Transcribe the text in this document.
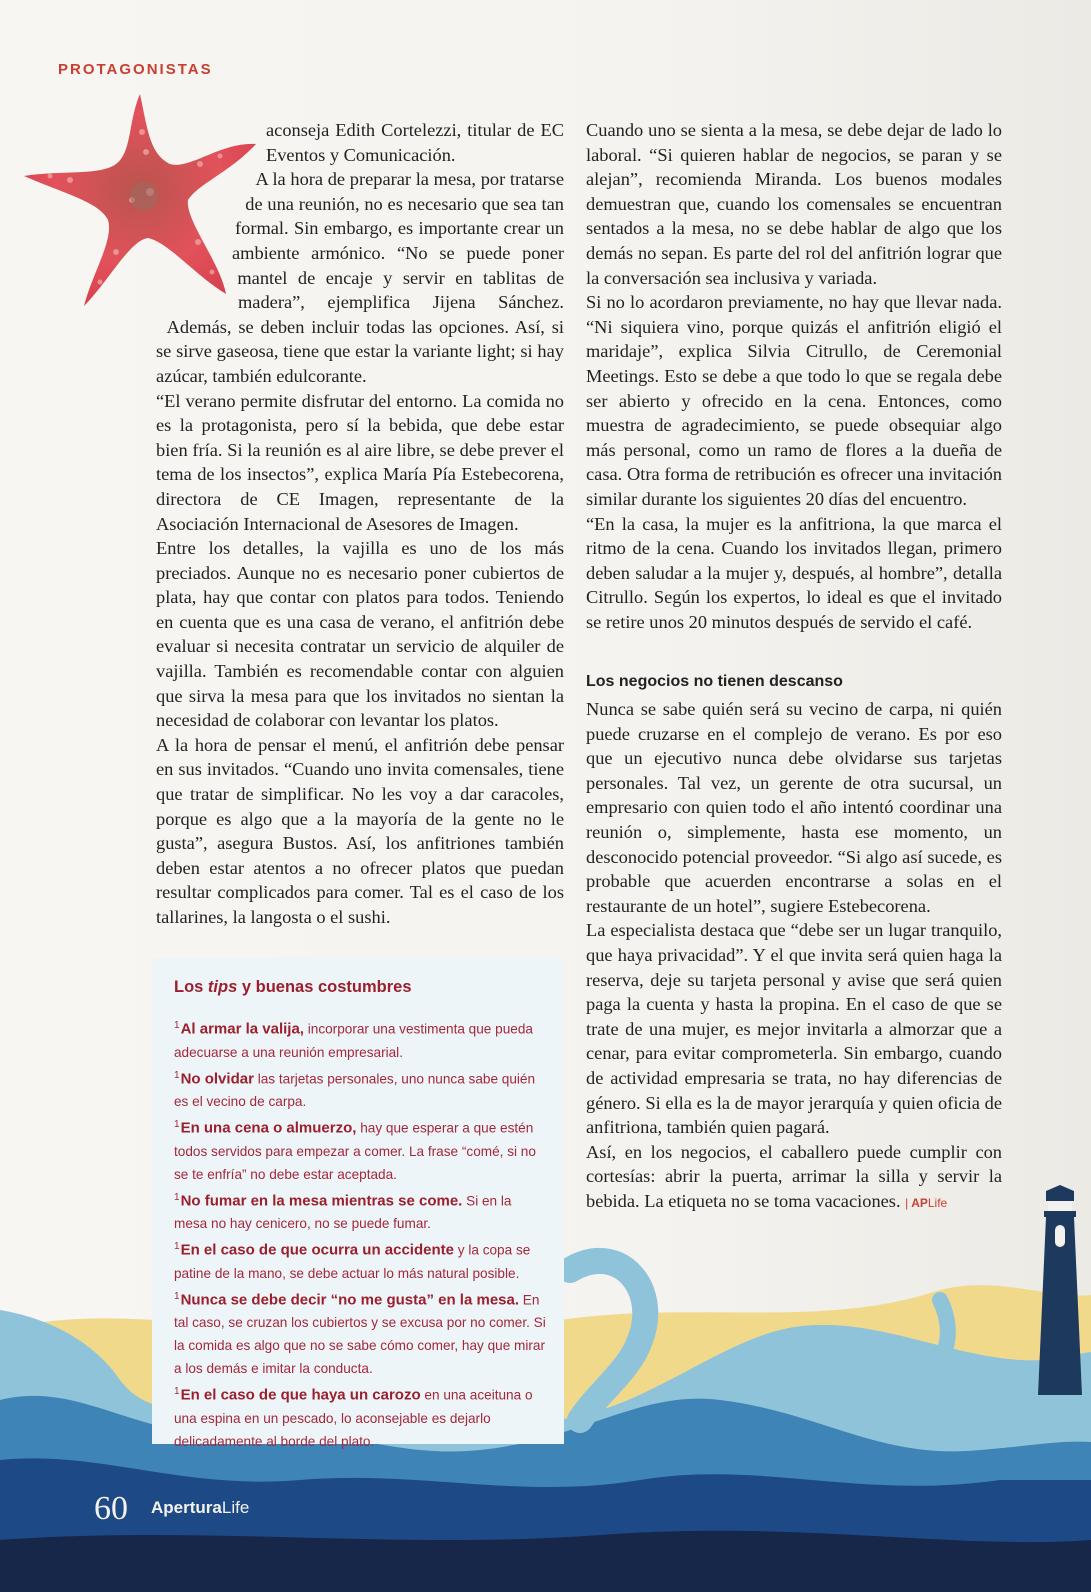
PROTAGONISTAS

aconseja Edith Cortelezzi, titular de EC Eventos y Comunicación.

A la hora de preparar la mesa, por tratarse de una reunión, no es necesario que sea tan formal. Sin embargo, es importante crear un ambiente armónico. “No se puede poner mantel de encaje y servir en tablitas de madera”, ejemplifica Jijena Sánchez. Además, se deben incluir todas las opciones. Así, si se sirve gaseosa, tiene que estar la variante light; si hay azúcar, también edulcorante.

“El verano permite disfrutar del entorno. La comida no es la protagonista, pero sí la bebida, que debe estar bien fría. Si la reunión es al aire libre, se debe prever el tema de los insectos”, explica María Pía Estebecorena, directora de CE Imagen, representante de la Asociación Internacional de Asesores de Imagen.

Entre los detalles, la vajilla es uno de los más preciados. Aunque no es necesario poner cubiertos de plata, hay que contar con platos para todos. Teniendo en cuenta que es una casa de verano, el anfitrión debe evaluar si necesita contratar un servicio de alquiler de vajilla. También es recomendable contar con alguien que sirva la mesa para que los invitados no sientan la necesidad de colaborar con levantar los platos.

A la hora de pensar el menú, el anfitrión debe pensar en sus invitados. “Cuando uno invita comensales, tiene que tratar de simplificar. No les voy a dar caracoles, porque es algo que a la mayoría de la gente no le gusta”, asegura Bustos. Así, los anfitriones también deben estar atentos a no ofrecer platos que puedan resultar complicados para comer. Tal es el caso de los tallarines, la langosta o el sushi.

Cuando uno se sienta a la mesa, se debe dejar de lado lo laboral. “Si quieren hablar de negocios, se paran y se alejan”, recomienda Miranda. Los buenos modales demuestran que, cuando los comensales se encuentran sentados a la mesa, no se debe hablar de algo que los demás no sepan. Es parte del rol del anfitrión lograr que la conversación sea inclusiva y variada.

Si no lo acordaron previamente, no hay que llevar nada. “Ni siquiera vino, porque quizás el anfitrión eligió el maridaje”, explica Silvia Citrullo, de Ceremonial Meetings. Esto se debe a que todo lo que se regala debe ser abierto y ofrecido en la cena. Entonces, como muestra de agradecimiento, se puede obsequiar algo más personal, como un ramo de flores a la dueña de casa. Otra forma de retribución es ofrecer una invitación similar durante los siguientes 20 días del encuentro.

“En la casa, la mujer es la anfitriona, la que marca el ritmo de la cena. Cuando los invitados llegan, primero deben saludar a la mujer y, después, al hombre”, detalla Citrullo. Según los expertos, lo ideal es que el invitado se retire unos 20 minutos después de servido el café.

Los negocios no tienen descanso

Nunca se sabe quién será su vecino de carpa, ni quién puede cruzarse en el complejo de verano. Es por eso que un ejecutivo nunca debe olvidarse sus tarjetas personales. Tal vez, un gerente de otra sucursal, un empresario con quien todo el año intentó coordinar una reunión o, simplemente, hasta ese momento, un desconocido potencial proveedor. “Si algo así sucede, es probable que acuerden encontrarse a solas en el restaurante de un hotel”, sugiere Estebecorena.

La especialista destaca que “debe ser un lugar tranquilo, que haya privacidad”. Y el que invita será quien haga la reserva, deje su tarjeta personal y avise que será quien paga la cuenta y hasta la propina. En el caso de que se trate de una mujer, es mejor invitarla a almorzar que a cenar, para evitar comprometerla. Sin embargo, cuando de actividad empresaria se trata, no hay diferencias de género. Si ella es la de mayor jerarquía y quien oficia de anfitriona, también quien pagará.

Así, en los negocios, el caballero puede cumplir con cortesías: abrir la puerta, arrimar la silla y servir la bebida. La etiqueta no se toma vacaciones. | APLife

Los tips y buenas costumbres

$^1$Al armar la valija, incorporar una vestimenta que pueda adecuarse a una reunión empresarial.

$^1$No olvidar las tarjetas personales, uno nunca sabe quién es el vecino de carpa.

$^1$En una cena o almuerzo, hay que esperar a que estén todos servidos para empezar a comer. La frase “comé, si no se te enfría” no debe estar aceptada.

$^1$No fumar en la mesa mientras se come. Si en la mesa no hay cenicero, no se puede fumar.

$^1$En el caso de que ocurra un accidente y la copa se patine de la mano, se debe actuar lo más natural posible.

$^1$Nunca se debe decir “no me gusta” en la mesa. En tal caso, se cruzan los cubiertos y se excusa por no comer. Si la comida es algo que no se sabe cómo comer, hay que mirar a los demás e imitar la conducta.

$^1$En el caso de que haya un carozo en una aceituna o una espina en un pescado, lo aconsejable es dejarlo delicadamente al borde del plato.

60 AperturaLife
